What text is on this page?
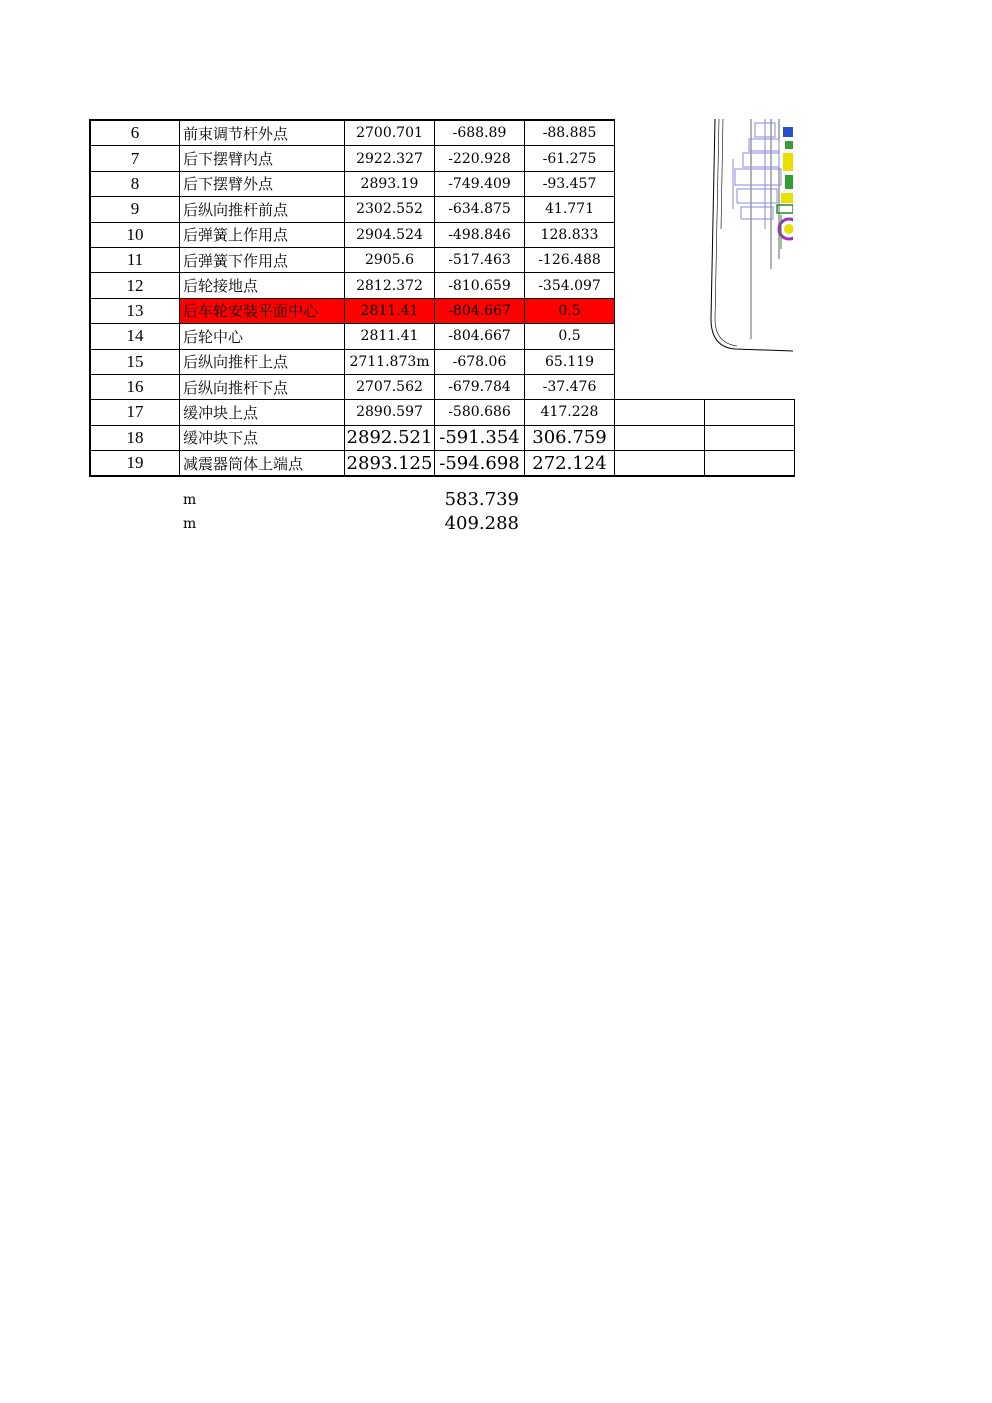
6	前束调节杆外点	2700.701	-688.89	-88.885		
7	后下摆臂内点	2922.327	-220.928	-61.275		
8	后下摆臂外点	2893.19	-749.409	-93.457		
9	后纵向推杆前点	2302.552	-634.875	41.771		
10	后弹簧上作用点	2904.524	-498.846	128.833		
11	后弹簧下作用点	2905.6	-517.463	-126.488		
12	后轮接地点	2812.372	-810.659	-354.097		
13	后车轮安装平面中心	2811.41	-804.667	0.5		
14	后轮中心	2811.41	-804.667	0.5		
15	后纵向推杆上点	2711.873m	-678.06	65.119		
16	后纵向推杆下点	2707.562	-679.784	-37.476		
17	缓冲块上点	2890.597	-580.686	417.228		
18	缓冲块下点	2892.521	-591.354	306.759		
19	减震器筒体上端点	2893.125	-594.698	272.124		
m	583.739
m	409.288
